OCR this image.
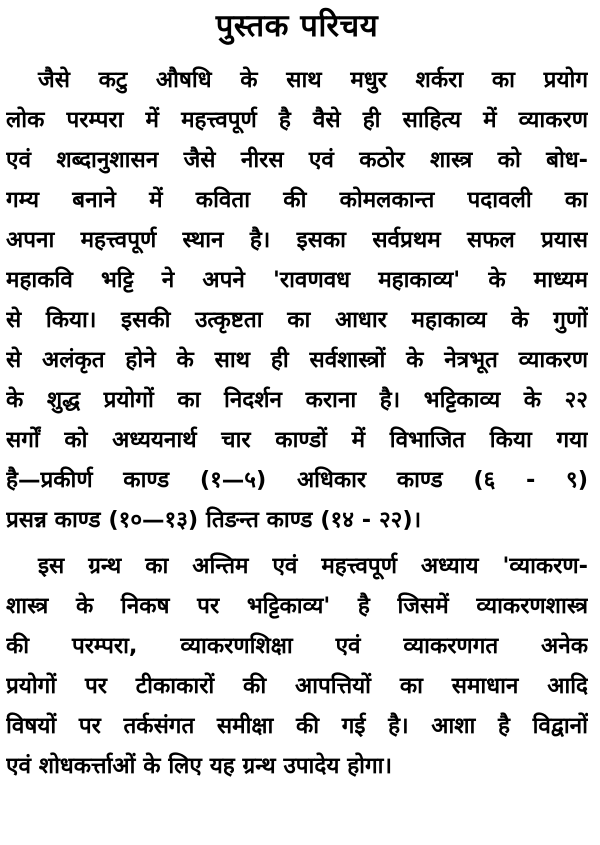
पुस्तक परिचय
जैसे कटु औषधि के साथ मधुर शर्करा का प्रयोग
लोक परम्परा में महत्त्वपूर्ण है वैसे ही साहित्य में व्याकरण
एवं शब्दानुशासन जैसे नीरस एवं कठोर शास्त्र को बोध-
गम्य बनाने में कविता की कोमलकान्त पदावली का
अपना महत्त्वपूर्ण स्थान है। इसका सर्वप्रथम सफल प्रयास
महाकवि भट्टि ने अपने 'रावणवध महाकाव्य' के माध्यम
से किया। इसकी उत्कृष्टता का आधार महाकाव्य के गुणों
से अलंकृत होने के साथ ही सर्वशास्त्रों के नेत्रभूत व्याकरण
के शुद्ध प्रयोगों का निदर्शन कराना है। भट्टिकाव्य के २२
सर्गों को अध्ययनार्थ चार काण्डों में विभाजित किया गया
है—प्रकीर्ण काण्ड (१—५) अधिकार काण्ड (६ - ९)
प्रसन्न काण्ड (१०—१३) तिङन्त काण्ड (१४ - २२)।
इस ग्रन्थ का अन्तिम एवं महत्त्वपूर्ण अध्याय 'व्याकरण-
शास्त्र के निकष पर भट्टिकाव्य' है जिसमें व्याकरणशास्त्र
की परम्परा, व्याकरणशिक्षा एवं व्याकरणगत अनेक
प्रयोगों पर टीकाकारों की आपत्तियों का समाधान आदि
विषयों पर तर्कसंगत समीक्षा की गई है। आशा है विद्वानों
एवं शोधकर्त्ताओं के लिए यह ग्रन्थ उपादेय होगा।
